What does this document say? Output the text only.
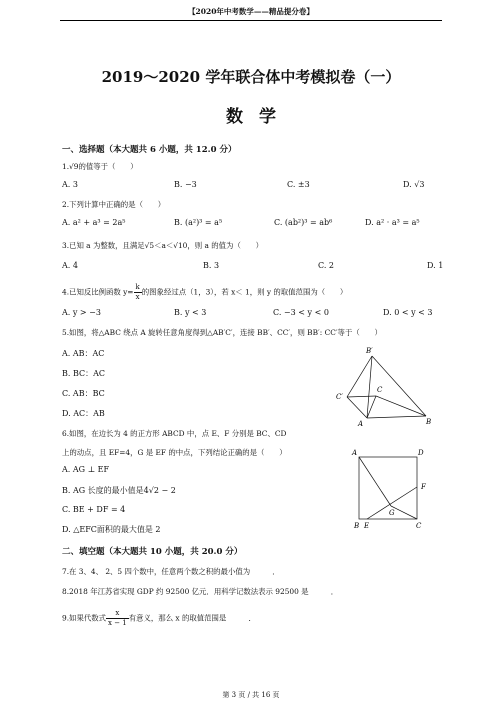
【2020年中考数学——精品提分卷】
2019～2020 学年联合体中考模拟卷（一）
数学
一、选择题（本大题共 6 小题，共 12.0 分）
1.√9的值等于（　　）
A. 3	B. −3	C. ±3	D. √3
2.下列计算中正确的是（　　）
A. a² + a³ = 2a⁵	B. (a²)³ = a⁵	C. (ab²)³ = ab⁶	D. a² · a³ = a⁵
3.已知 a 为整数，且满足√5＜a＜√10，则 a 的值为（　　）
A. 4	B. 3	C. 2	D. 1
4.已知反比例函数 $y= \frac{k}{x}$ 的图象经过点（1，3），若 x＜ 1，则 y 的取值范围为（　　）
A. y > −3	B. y < 3	C. −3 < y < 0	D. 0 < y < 3
5.如图，将△ABC 绕点 A 旋转任意角度得到△AB′C′，连接 BB′、CC′，则 BB′: CC′等于（　　）
A. AB：AC
B. BC：AC
C. AB：BC
D. AC：AB
B′
C′
C
A	B
6.如图，在边长为 4 的正方形 ABCD 中，点 E、F 分别是 BC、CD
上的动点，且 EF=4，G 是 EF 的中点，下列结论正确的是（　　）
A. AG ⊥ EF
B. AG 长度的最小值是4√2 − 2
C. BE + DF = 4
D. △EFC面积的最大值是 2
A	D
F
G
B E	C
二、填空题（本大题共 10 小题，共 20.0 分）
7.在 3、4、 2、5 四个数中，任意两个数之积的最小值为　　　．
8.2018 年江苏省实现 GDP 约 92500 亿元．用科学记数法表示 92500 是　　　．
9.如果代数式 $\frac{x}{x - 1}$ 有意义，那么 x 的取值范围是　　　．
第 3 页 / 共 16 页
